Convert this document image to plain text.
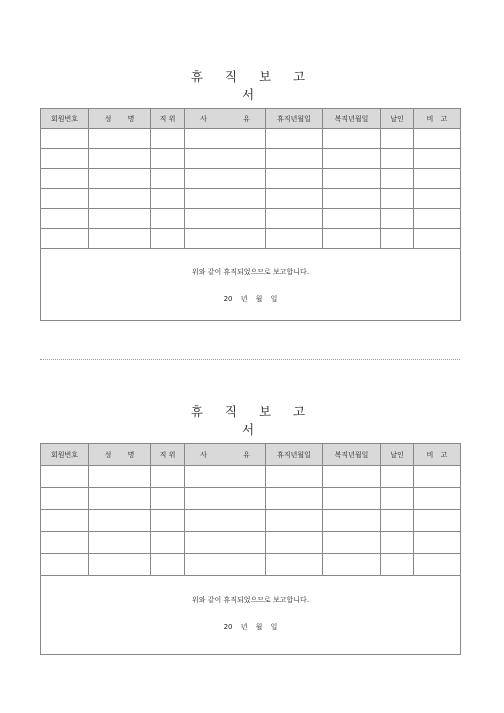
휴 직 보 고 서
회원번호	성 명	직 위	사 유	휴직년월일	복직년월일	날인	비 고

위와 같이 휴직되었으므로 보고합니다.
20 년 월 일							
휴 직 보 고 서
회원번호	성 명	직 위	사 유	휴직년월일	복직년월일	날인	비 고

위와 같이 휴직되었으므로 보고합니다.
20 년 월 일							
